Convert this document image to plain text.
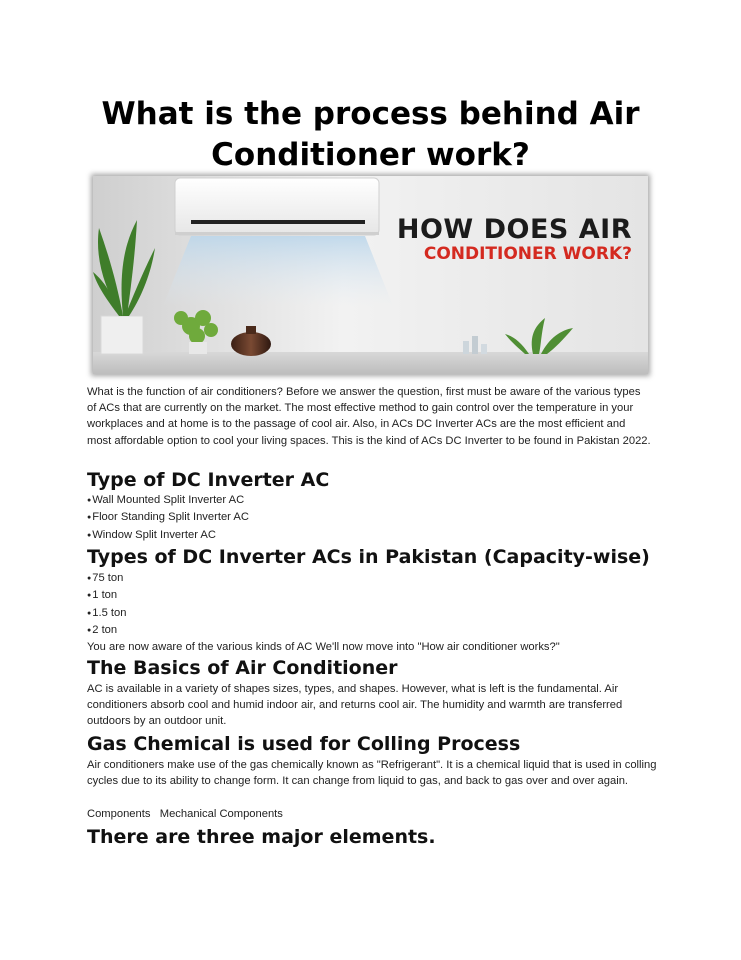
What is the process behind Air Conditioner work?
HOW DOES AIR
CONDITIONER WORK?
What is the function of air conditioners? Before we answer the question, first must be aware of the various types of ACs that are currently on the market. The most effective method to gain control over the temperature in your workplaces and at home is to the passage of cool air. Also, in ACs DC Inverter ACs are the most efficient and most affordable option to cool your living spaces. This is the kind of ACs DC Inverter to be found in Pakistan 2022.
Type of DC Inverter AC
● Wall Mounted Split Inverter AC
● Floor Standing Split Inverter AC
● Window Split Inverter AC
Types of DC Inverter ACs in Pakistan (Capacity-wise)
● 75 ton
● 1 ton
● 1.5 ton
● 2 ton
You are now aware of the various kinds of AC We'll now move into "How air conditioner works?"
The Basics of Air Conditioner
AC is available in a variety of shapes sizes, types, and shapes. However, what is left is the fundamental. Air conditioners absorb cool and humid indoor air, and returns cool air. The humidity and warmth are transferred outdoors by an outdoor unit.
Gas Chemical is used for Colling Process
Air conditioners make use of the gas chemically known as "Refrigerant". It is a chemical liquid that is used in colling cycles due to its ability to change form. It can change from liquid to gas, and back to gas over and over again.
Components   Mechanical Components
There are three major elements.
